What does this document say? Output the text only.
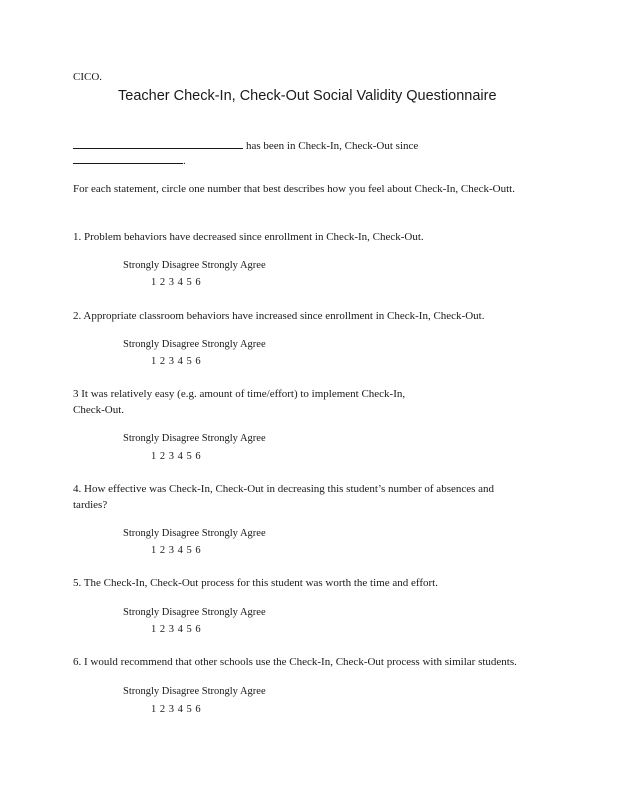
CICO.
Teacher Check-In, Check-Out Social Validity Questionnaire
has been in Check-In, Check-Out since
.
For each statement, circle one number that best describes how you feel about Check-In, Check-Outt.
1. Problem behaviors have decreased since enrollment in Check-In, Check-Out.
Strongly Disagree Strongly Agree
1 2 3 4 5 6
2. Appropriate classroom behaviors have increased since enrollment in Check-In, Check-Out.
Strongly Disagree Strongly Agree
1 2 3 4 5 6
3 It was relatively easy (e.g. amount of time/effort) to implement Check-In,
Check-Out.
Strongly Disagree Strongly Agree
1 2 3 4 5 6
4. How effective was Check-In, Check-Out in decreasing this student’s number of absences and
tardies?
Strongly Disagree Strongly Agree
1 2 3 4 5 6
5. The Check-In, Check-Out process for this student was worth the time and effort.
Strongly Disagree Strongly Agree
1 2 3 4 5 6
6. I would recommend that other schools use the Check-In, Check-Out process with similar students.
Strongly Disagree Strongly Agree
1 2 3 4 5 6
